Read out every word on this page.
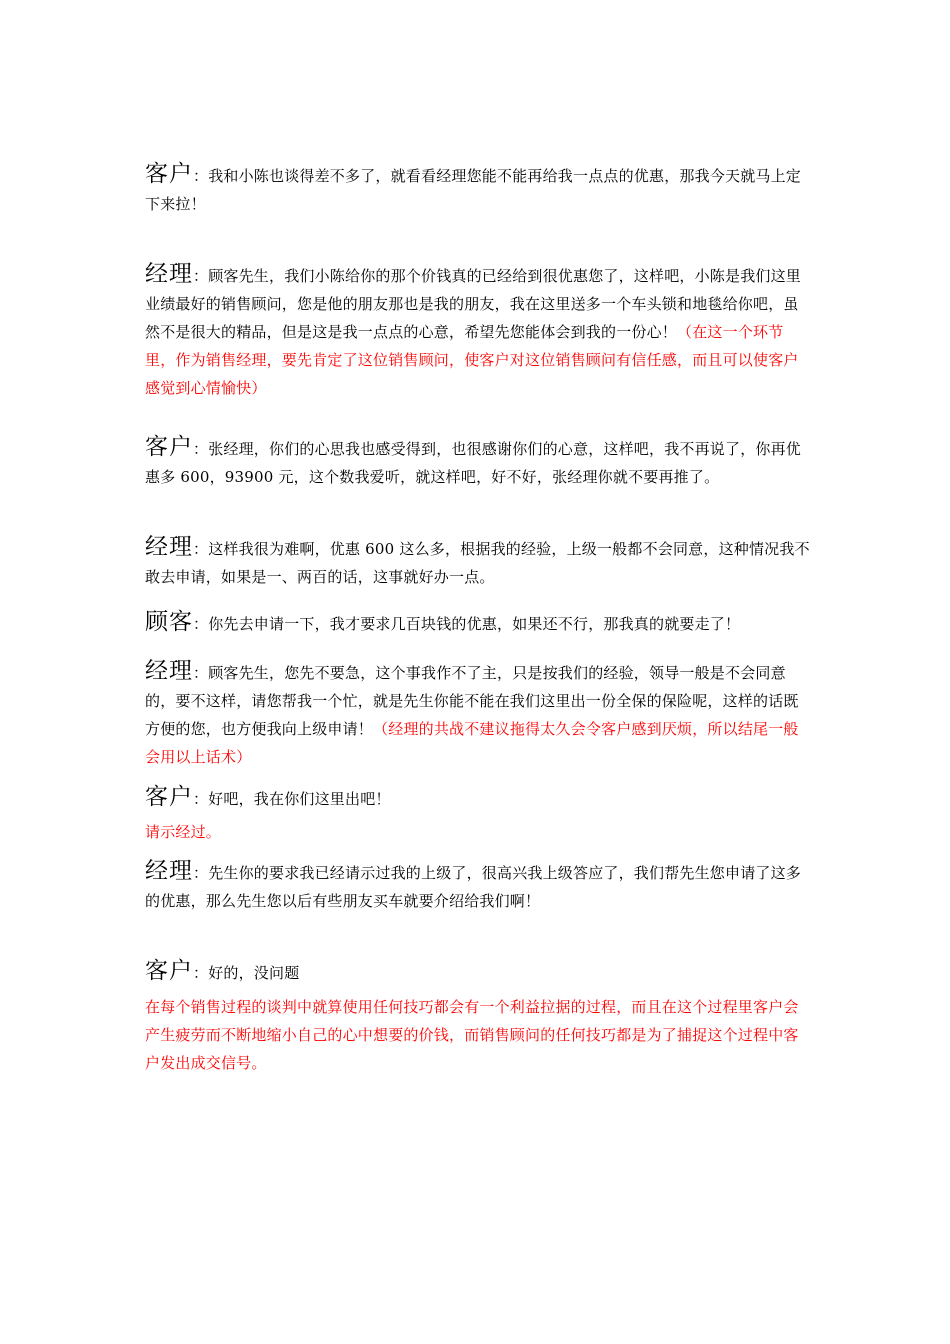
客户：我和小陈也谈得差不多了，就看看经理您能不能再给我一点点的优惠，那我今天就马上定下来拉！
经理：顾客先生，我们小陈给你的那个价钱真的已经给到很优惠您了，这样吧，小陈是我们这里业绩最好的销售顾问，您是他的朋友那也是我的朋友，我在这里送多一个车头锁和地毯给你吧，虽然不是很大的精品，但是这是我一点点的心意，希望先您能体会到我的一份心！（在这一个环节里，作为销售经理，要先肯定了这位销售顾问，使客户对这位销售顾问有信任感，而且可以使客户感觉到心情愉快）
客户：张经理，你们的心思我也感受得到，也很感谢你们的心意，这样吧，我不再说了，你再优惠多 600，93900 元，这个数我爱听，就这样吧，好不好，张经理你就不要再推了。
经理：这样我很为难啊，优惠 600 这么多，根据我的经验，上级一般都不会同意，这种情况我不敢去申请，如果是一、两百的话，这事就好办一点。
顾客：你先去申请一下，我才要求几百块钱的优惠，如果还不行，那我真的就要走了！
经理：顾客先生，您先不要急，这个事我作不了主，只是按我们的经验，领导一般是不会同意的，要不这样，请您帮我一个忙，就是先生你能不能在我们这里出一份全保的保险呢，这样的话既方便的您，也方便我向上级申请！（经理的共战不建议拖得太久会令客户感到厌烦，所以结尾一般会用以上话术）
客户：好吧，我在你们这里出吧！
请示经过。
经理：先生你的要求我已经请示过我的上级了，很高兴我上级答应了，我们帮先生您申请了这多的优惠，那么先生您以后有些朋友买车就要介绍给我们啊！
客户：好的，没问题
在每个销售过程的谈判中就算使用任何技巧都会有一个利益拉据的过程，而且在这个过程里客户会产生疲劳而不断地缩小自己的心中想要的价钱，而销售顾问的任何技巧都是为了捕捉这个过程中客户发出成交信号。
